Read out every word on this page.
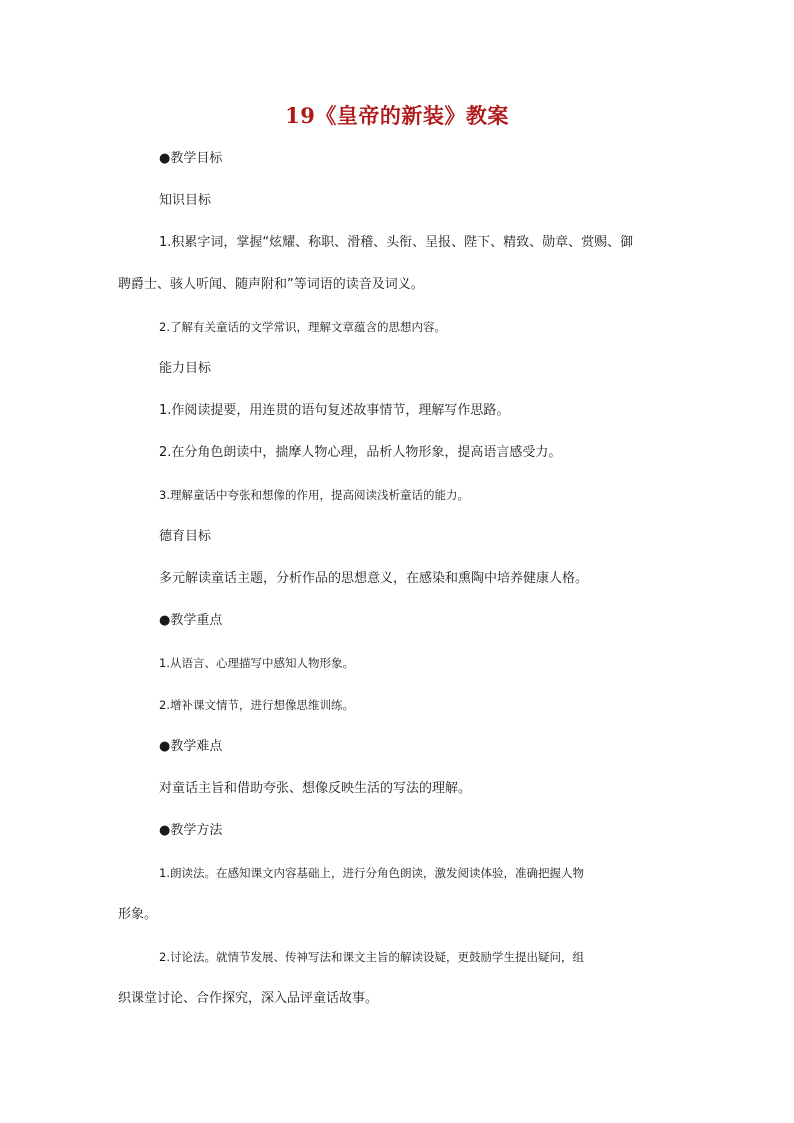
19《皇帝的新装》教案

●教学目标

知识目标

1.积累字词，掌握“炫耀、称职、滑稽、头衔、呈报、陛下、精致、勋章、赏赐、御

聘爵士、骇人听闻、随声附和”等词语的读音及词义。

2.了解有关童话的文学常识，理解文章蕴含的思想内容。

能力目标

1.作阅读提要，用连贯的语句复述故事情节，理解写作思路。

2.在分角色朗读中，揣摩人物心理，品析人物形象，提高语言感受力。

3.理解童话中夸张和想像的作用，提高阅读浅析童话的能力。

德育目标

多元解读童话主题，分析作品的思想意义，在感染和熏陶中培养健康人格。

●教学重点

1.从语言、心理描写中感知人物形象。

2.增补课文情节，进行想像思维训练。

●教学难点

对童话主旨和借助夸张、想像反映生活的写法的理解。

●教学方法

1.朗读法。在感知课文内容基础上，进行分角色朗读，激发阅读体验，准确把握人物

形象。

2.讨论法。就情节发展、传神写法和课文主旨的解读设疑，更鼓励学生提出疑问，组

织课堂讨论、合作探究，深入品评童话故事。
